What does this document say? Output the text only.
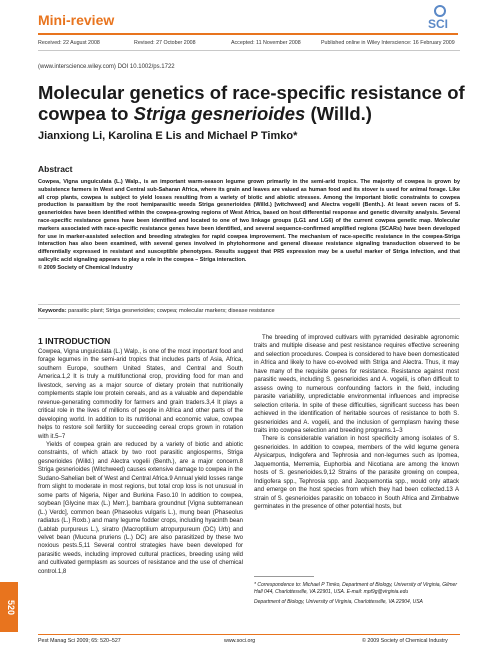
Mini-review	SCI
Received: 22 August 2008	Revised: 27 October 2008	Accepted: 11 November 2008	Published online in Wiley Interscience: 16 February 2009
(www.interscience.wiley.com) DOI 10.1002/ps.1722
Molecular genetics of race-specific resistance of cowpea to Striga gesnerioides (Willd.)
Jianxiong Li, Karolina E Lis and Michael P Timko*
Abstract
Cowpea, Vigna unguiculata (L.) Walp., is an important warm-season legume grown primarily in the semi-arid tropics. The majority of cowpea is grown by subsistence farmers in West and Central sub-Saharan Africa, where its grain and leaves are valued as human food and its stover is used for animal forage. Like all crop plants, cowpea is subject to yield losses resulting from a variety of biotic and abiotic stresses. Among the important biotic constraints to cowpea production is parasitism by the root hemiparasitic weeds Striga gesnerioides (Willd.) [witchweed] and Alectra vogelii (Benth.). At least seven races of S. gesnerioides have been identified within the cowpea-growing regions of West Africa, based on host differential response and genetic diversity analysis. Several race-specific resistance genes have been identified and located to one of two linkage groups (LG1 and LG6) of the current cowpea genetic map. Molecular markers associated with race-specific resistance genes have been identified, and several sequence-confirmed amplified regions (SCARs) have been developed for use in marker-assisted selection and breeding strategies for rapid cowpea improvement. The mechanism of race-specific resistance in the cowpea-Striga interaction has also been examined, with several genes involved in phytohormone and general disease resistance signaling transduction observed to be differentially expressed in resistant and susceptible phenotypes. Results suggest that PR5 expression may be a useful marker of Striga infection, and that salicylic acid signaling appears to play a role in the cowpea – Striga interaction.
© 2009 Society of Chemical Industry
Keywords: parasitic plant; Striga gesnerioides; cowpea; molecular markers; disease resistance
1 INTRODUCTION

Cowpea, Vigna unguiculata (L.) Walp., is one of the most important food and forage legumes in the semi-arid tropics that includes parts of Asia, Africa, southern Europe, southern United States, and Central and South America.1,2 It is truly a multifunctional crop, providing food for man and livestock, serving as a major source of dietary protein that nutritionally complements staple low protein cereals, and as a valuable and dependable revenue-generating commodity for farmers and grain traders.3,4 It plays a critical role in the lives of millions of people in Africa and other parts of the developing world. In addition to its nutritional and economic value, cowpea helps to restore soil fertility for succeeding cereal crops grown in rotation with it.5–7

Yields of cowpea grain are reduced by a variety of biotic and abiotic constraints, of which attack by two root parasitic angiosperms, Striga gesnerioides (Willd.) and Alectra vogelii (Benth.), are a major concern.8 Striga gesnerioides (Witchweed) causes extensive damage to cowpea in the Sudano-Sahelian belt of West and Central Africa.9 Annual yield losses range from slight to moderate in most regions, but total crop loss is not unusual in some parts of Nigeria, Niger and Burkina Faso.10 In addition to cowpea, soybean [Glycine max (L.) Merr.], bambara groundnut [Vigna subterranean (L.) Verdc], common bean (Phaseolus vulgaris L.), mung bean (Phaseolus radiatus (L.) Roxb.) and many legume fodder crops, including hyacinth bean (Lablab purpureus L.), siratro (Macroptilium atropurpureum (DC) Urb) and velvet bean (Mucuna pruriens (L.) DC) are also parasitized by these two noxious pests.5,11 Several control strategies have been developed for parasitic weeds, including improved cultural practices, breeding using wild and cultivated germplasm as sources of resistance and the use of chemical control.1,8

The breeding of improved cultivars with pyramided desirable agronomic traits and multiple disease and pest resistance requires effective screening and selection procedures. Cowpea is considered to have been domesticated in Africa and likely to have co-evolved with Striga and Alectra. Thus, it may have many of the requisite genes for resistance. Resistance against most parasitic weeds, including S. gesnerioides and A. vogelii, is often difficult to assess owing to numerous confounding factors in the field, including parasite variability, unpredictable environmental influences and imprecise selection criteria. In spite of these difficulties, significant success has been achieved in the identification of heritable sources of resistance to both S. gesnerioides and A. vogelii, and the inclusion of germplasm having these traits into cowpea selection and breeding programs.1–3

There is considerable variation in host specificity among isolates of S. gesnerioides. In addition to cowpea, members of the wild legume genera Alysicarpus, Indigofera and Tephrosia and non-legumes such as Ipomea, Jaquemontia, Merremia, Euphorbia and Nicotiana are among the known hosts of S. gesnerioides.9,12 Strains of the parasite growing on cowpea, Indigofera spp., Tephrosia spp. and Jacquemontia spp., would only attack and emerge on the host species from which they had been collected.13 A strain of S. gesnerioides parasitic on tobacco in South Africa and Zimbabwe germinates in the presence of other potential hosts, but

* Correspondence to: Michael P Timko, Department of Biology, University of Virginia, Gilmer Hall 044, Charlottesville, VA 22901, USA. E-mail: mpt9g@virginia.edu

Department of Biology, University of Virginia, Charlottesville, VA 22904, USA

520
Pest Manag Sci 2009; 65: 520–527	www.soci.org	© 2009 Society of Chemical Industry
